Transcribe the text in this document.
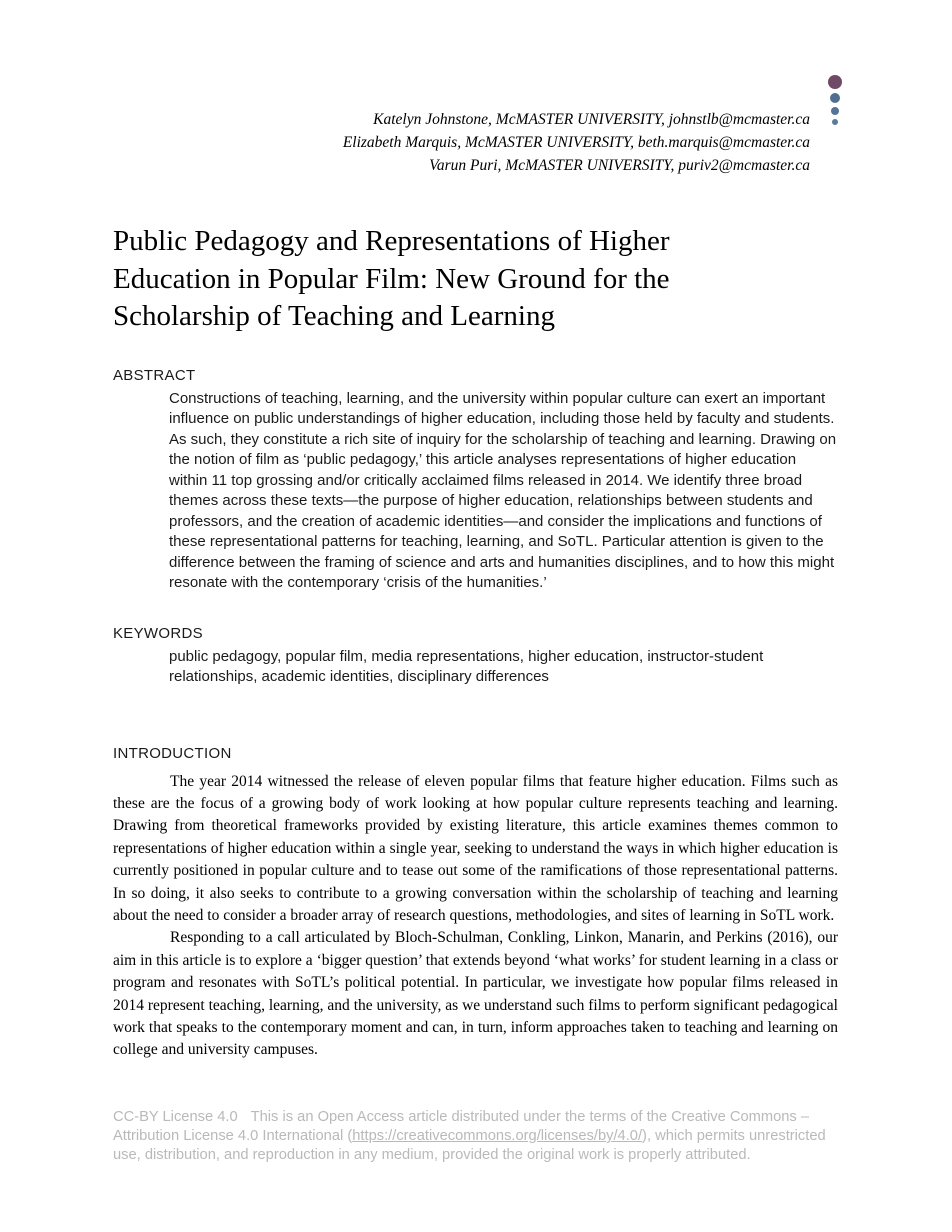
Katelyn Johnstone, McMASTER UNIVERSITY, johnstlb@mcmaster.ca
Elizabeth Marquis, McMASTER UNIVERSITY, beth.marquis@mcmaster.ca
Varun Puri, McMASTER UNIVERSITY, puriv2@mcmaster.ca
Public Pedagogy and Representations of Higher Education in Popular Film: New Ground for the Scholarship of Teaching and Learning
ABSTRACT

Constructions of teaching, learning, and the university within popular culture can exert an important influence on public understandings of higher education, including those held by faculty and students. As such, they constitute a rich site of inquiry for the scholarship of teaching and learning. Drawing on the notion of film as ‘public pedagogy,’ this article analyses representations of higher education within 11 top grossing and/or critically acclaimed films released in 2014. We identify three broad themes across these texts—the purpose of higher education, relationships between students and professors, and the creation of academic identities—and consider the implications and functions of these representational patterns for teaching, learning, and SoTL. Particular attention is given to the difference between the framing of science and arts and humanities disciplines, and to how this might resonate with the contemporary ‘crisis of the humanities.’

KEYWORDS

public pedagogy, popular film, media representations, higher education, instructor-student relationships, academic identities, disciplinary differences

INTRODUCTION

The year 2014 witnessed the release of eleven popular films that feature higher education. Films such as these are the focus of a growing body of work looking at how popular culture represents teaching and learning. Drawing from theoretical frameworks provided by existing literature, this article examines themes common to representations of higher education within a single year, seeking to understand the ways in which higher education is currently positioned in popular culture and to tease out some of the ramifications of those representational patterns. In so doing, it also seeks to contribute to a growing conversation within the scholarship of teaching and learning about the need to consider a broader array of research questions, methodologies, and sites of learning in SoTL work.

Responding to a call articulated by Bloch-Schulman, Conkling, Linkon, Manarin, and Perkins (2016), our aim in this article is to explore a ‘bigger question’ that extends beyond ‘what works’ for student learning in a class or program and resonates with SoTL’s political potential. In particular, we investigate how popular films released in 2014 represent teaching, learning, and the university, as we understand such films to perform significant pedagogical work that speaks to the contemporary moment and can, in turn, inform approaches taken to teaching and learning on college and university campuses.

CC-BY License 4.0 This is an Open Access article distributed under the terms of the Creative Commons – Attribution License 4.0 International (https://creativecommons.org/licenses/by/4.0/), which permits unrestricted use, distribution, and reproduction in any medium, provided the original work is properly attributed.
